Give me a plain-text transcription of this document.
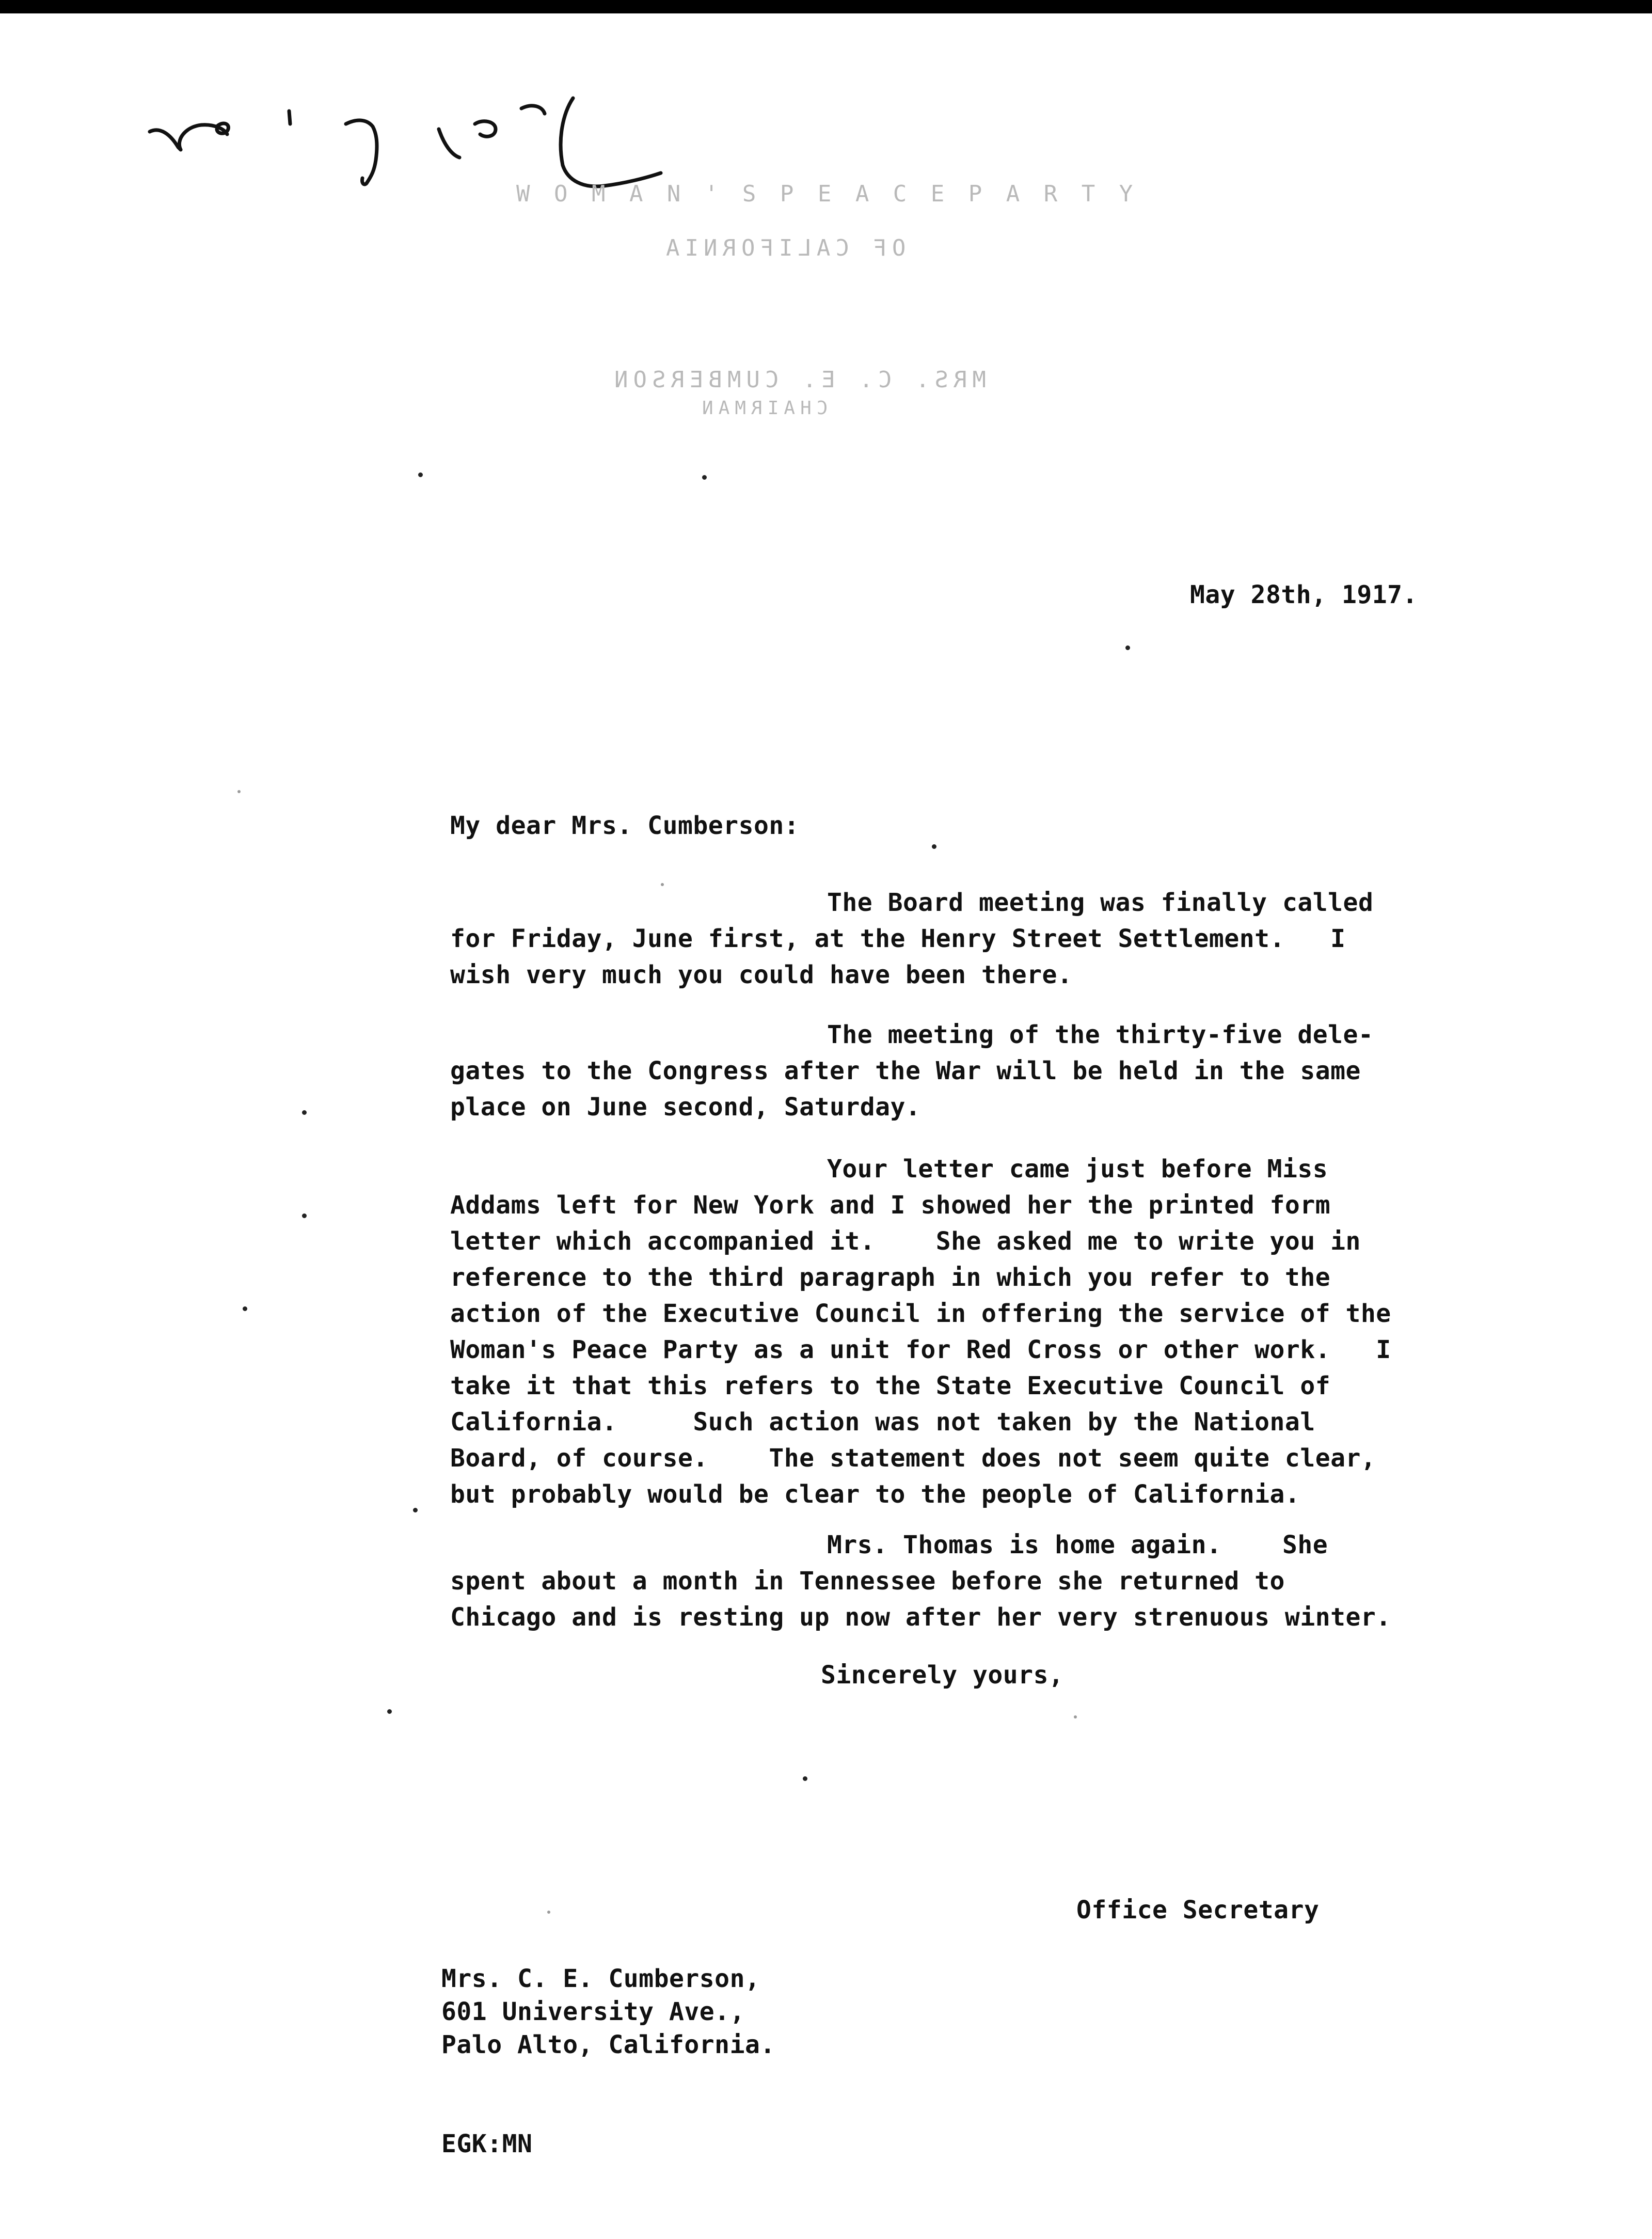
W O M A N ' S P E A C E P A R T Y
OF CALIFORNIA
MRS. C. E. CUMBERSON
CHAIRMAN
May 28th, 1917.
My dear Mrs. Cumberson:
The Board meeting was finally called
for Friday, June first, at the Henry Street Settlement.   I
wish very much you could have been there.
The meeting of the thirty-five dele-
gates to the Congress after the War will be held in the same
place on June second, Saturday.
Your letter came just before Miss
Addams left for New York and I showed her the printed form
letter which accompanied it.    She asked me to write you in
reference to the third paragraph in which you refer to the
action of the Executive Council in offering the service of the
Woman's Peace Party as a unit for Red Cross or other work.   I
take it that this refers to the State Executive Council of
California.     Such action was not taken by the National
Board, of course.    The statement does not seem quite clear,
but probably would be clear to the people of California.
Mrs. Thomas is home again.    She
spent about a month in Tennessee before she returned to
Chicago and is resting up now after her very strenuous winter.
Sincerely yours,
Office Secretary
Mrs. C. E. Cumberson,
601 University Ave.,
Palo Alto, California.
EGK:MN
